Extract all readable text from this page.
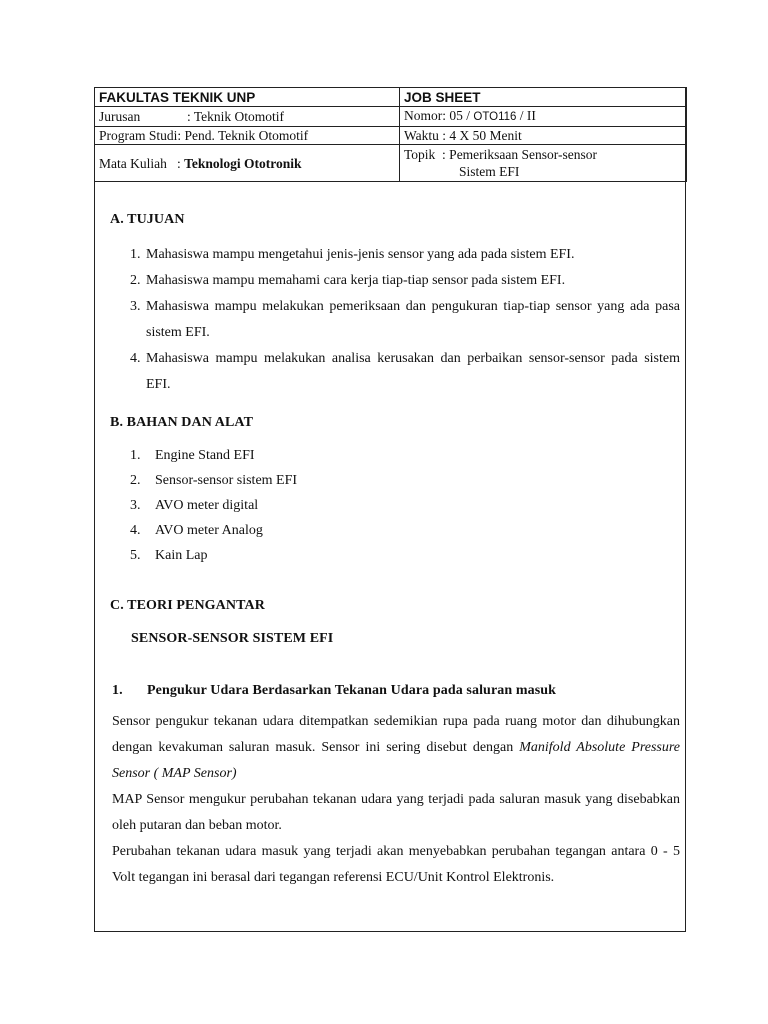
FAKULTAS TEKNIK UNP	JOB SHEET
Jurusan : Teknik Otomotif	Nomor: 05 / OTO116 / II
Program Studi: Pend. Teknik Otomotif	Waktu : 4 X 50 Menit
Mata Kuliah   : Teknologi Ototronik	Topik  : Pemeriksaan Sensor-sensor
Sistem EFI
A. TUJUAN
1. Mahasiswa mampu mengetahui jenis-jenis sensor yang ada pada sistem EFI.
2. Mahasiswa mampu memahami cara kerja tiap-tiap sensor pada sistem EFI.
3. Mahasiswa mampu melakukan pemeriksaan dan pengukuran tiap-tiap sensor yang ada pasa sistem EFI.
4. Mahasiswa mampu melakukan analisa kerusakan dan perbaikan sensor-sensor pada sistem EFI.
B. BAHAN DAN ALAT
1.	Engine Stand EFI
2.	Sensor-sensor sistem EFI
3.	AVO meter digital
4.	AVO meter Analog
5.	Kain Lap
C. TEORI PENGANTAR
SENSOR-SENSOR SISTEM EFI
1. Pengukur Udara Berdasarkan Tekanan Udara pada saluran masuk

Sensor pengukur tekanan udara ditempatkan sedemikian rupa pada ruang motor dan dihubungkan dengan kevakuman saluran masuk. Sensor ini sering disebut dengan Manifold Absolute Pressure Sensor ( MAP Sensor)

MAP Sensor mengukur perubahan tekanan udara yang terjadi pada saluran masuk yang disebabkan oleh putaran dan beban motor.

Perubahan tekanan udara masuk yang terjadi akan menyebabkan perubahan tegangan antara 0 - 5 Volt tegangan ini berasal dari tegangan referensi ECU/Unit Kontrol Elektronis.
